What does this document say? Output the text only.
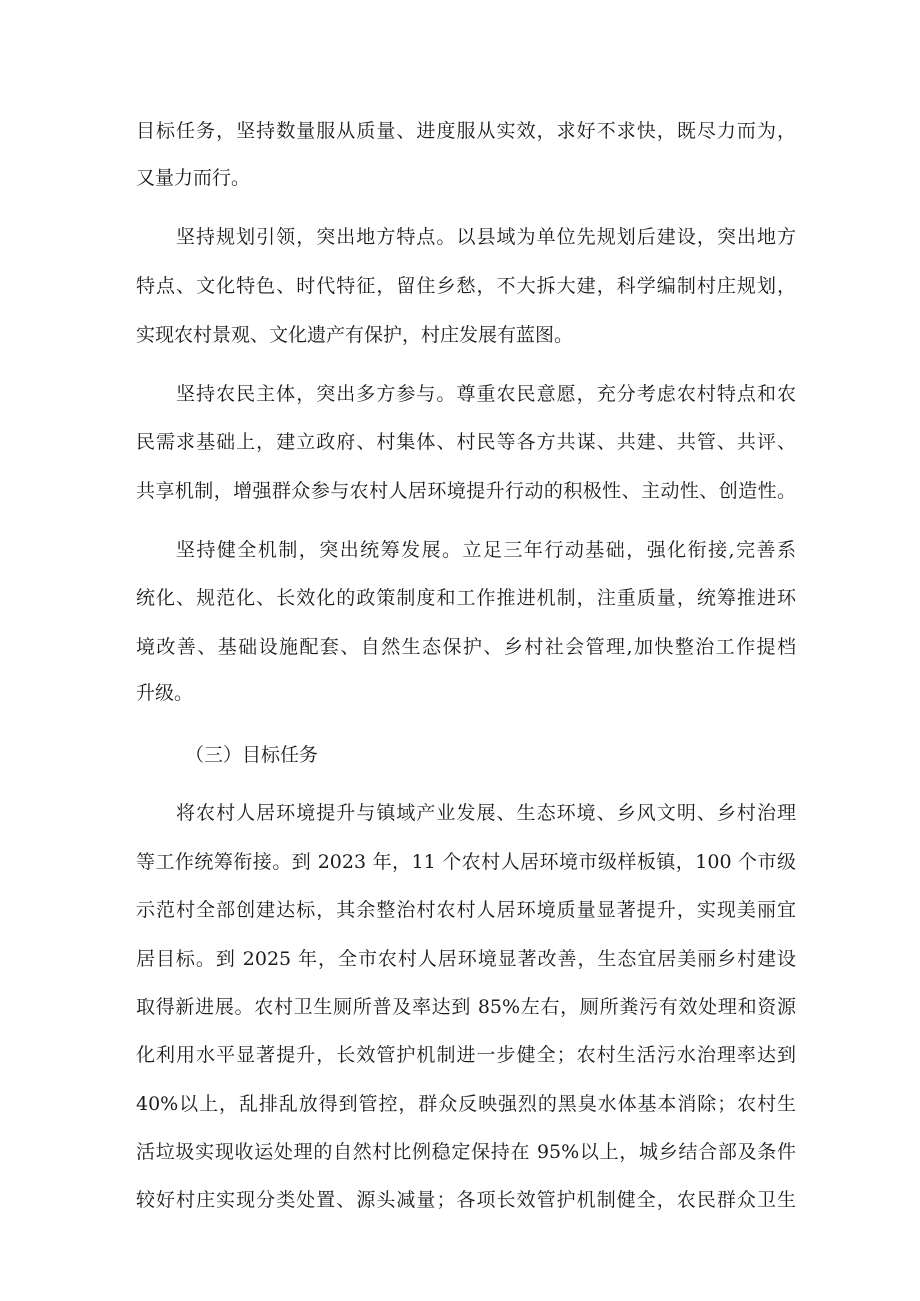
目标任务，坚持数量服从质量、进度服从实效，求好不求快，既尽力而为，
又量力而行。
坚持规划引领，突出地方特点。以县域为单位先规划后建设，突出地方
特点、文化特色、时代特征，留住乡愁，不大拆大建，科学编制村庄规划，
实现农村景观、文化遗产有保护，村庄发展有蓝图。
坚持农民主体，突出多方参与。尊重农民意愿，充分考虑农村特点和农
民需求基础上，建立政府、村集体、村民等各方共谋、共建、共管、共评、
共享机制，增强群众参与农村人居环境提升行动的积极性、主动性、创造性。
坚持健全机制，突出统筹发展。立足三年行动基础，强化衔接,完善系
统化、规范化、长效化的政策制度和工作推进机制，注重质量，统筹推进环
境改善、基础设施配套、自然生态保护、乡村社会管理,加快整治工作提档
升级。
（三）目标任务
将农村人居环境提升与镇域产业发展、生态环境、乡风文明、乡村治理
等工作统筹衔接。到 2023 年，11 个农村人居环境市级样板镇，100 个市级
示范村全部创建达标，其余整治村农村人居环境质量显著提升，实现美丽宜
居目标。到 2025 年，全市农村人居环境显著改善，生态宜居美丽乡村建设
取得新进展。农村卫生厕所普及率达到 85%左右，厕所粪污有效处理和资源
化利用水平显著提升，长效管护机制进一步健全；农村生活污水治理率达到
40%以上，乱排乱放得到管控，群众反映强烈的黑臭水体基本消除；农村生
活垃圾实现收运处理的自然村比例稳定保持在 95%以上，城乡结合部及条件
较好村庄实现分类处置、源头减量；各项长效管护机制健全，农民群众卫生
